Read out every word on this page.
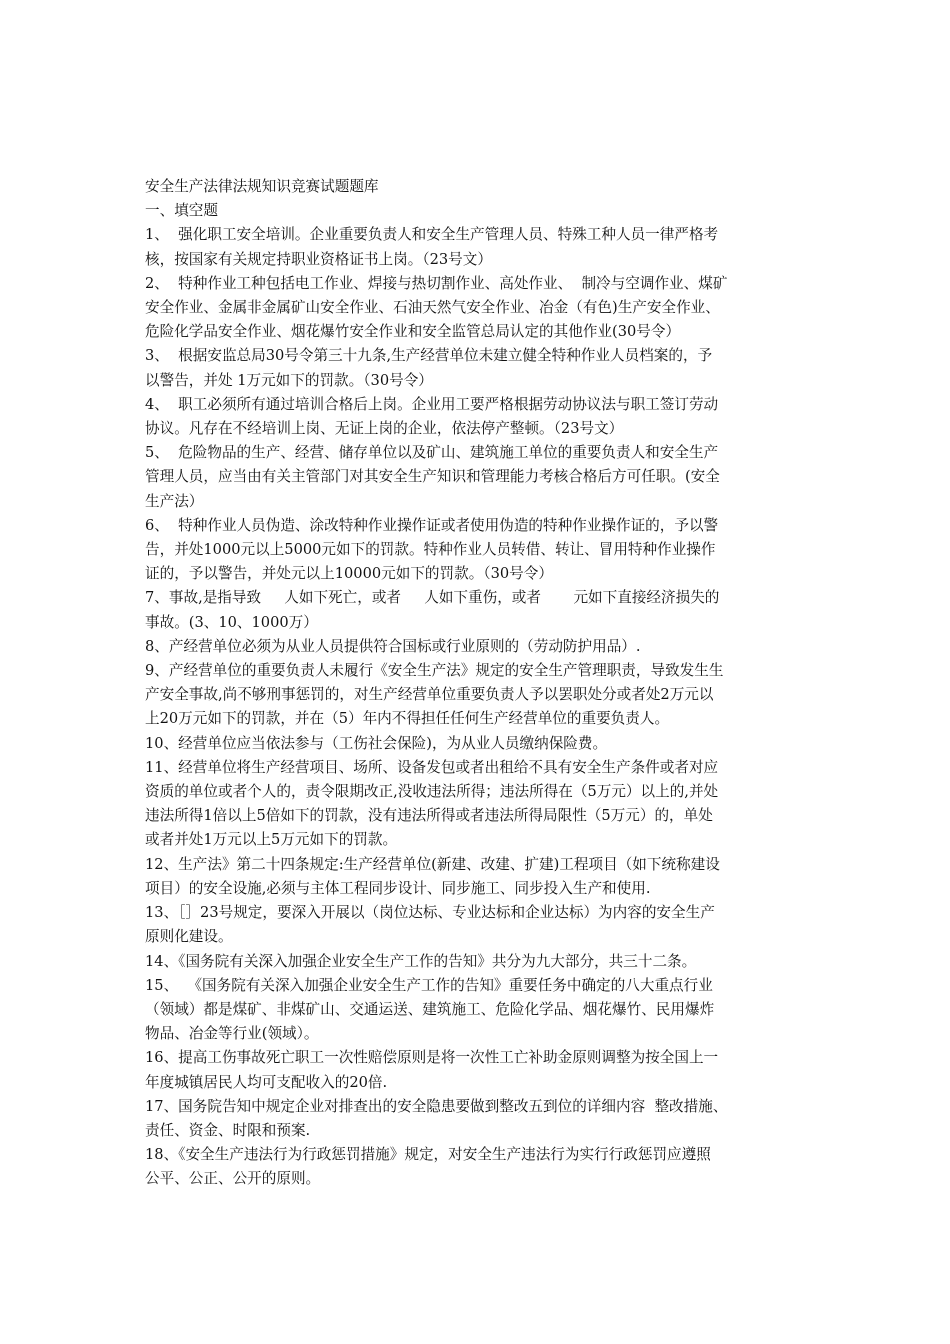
安全生产法律法规知识竞赛试题题库

一、填空题

1、  强化职工安全培训。企业重要负责人和安全生产管理人员、特殊工种人员一律严格考

核，按国家有关规定持职业资格证书上岗。（23号文）

2、  特种作业工种包括电工作业、焊接与热切割作业、高处作业、  制冷与空调作业、煤矿

安全作业、金属非金属矿山安全作业、石油天然气安全作业、冶金（有色)生产安全作业、

危险化学品安全作业、烟花爆竹安全作业和安全监管总局认定的其他作业(30号令）

3、  根据安监总局30号令第三十九条,生产经营单位未建立健全特种作业人员档案的，予

以警告，并处 1万元如下的罚款。（30号令）

4、  职工必须所有通过培训合格后上岗。企业用工要严格根据劳动协议法与职工签订劳动

协议。凡存在不经培训上岗、无证上岗的企业，依法停产整顿。（23号文）

5、  危险物品的生产、经营、储存单位以及矿山、建筑施工单位的重要负责人和安全生产

管理人员，应当由有关主管部门对其安全生产知识和管理能力考核合格后方可任职。(安全

生产法）

6、  特种作业人员伪造、涂改特种作业操作证或者使用伪造的特种作业操作证的，予以警

告，并处1000元以上5000元如下的罚款。特种作业人员转借、转让、冒用特种作业操作

证的，予以警告，并处元以上10000元如下的罚款。（30号令）

7、事故,是指导致     人如下死亡，或者     人如下重伤，或者       元如下直接经济损失的

事故。(3、10、1000万）

8、产经营单位必须为从业人员提供符合国标或行业原则的（劳动防护用品）.

9、产经营单位的重要负责人未履行《安全生产法》规定的安全生产管理职责，导致发生生

产安全事故,尚不够刑事惩罚的，对生产经营单位重要负责人予以罢职处分或者处2万元以

上20万元如下的罚款，并在（5）年内不得担任任何生产经营单位的重要负责人。

10、经营单位应当依法参与（工伤社会保险)，为从业人员缴纳保险费。

11、经营单位将生产经营项目、场所、设备发包或者出租给不具有安全生产条件或者对应

资质的单位或者个人的，责令限期改正,没收违法所得；违法所得在（5万元）以上的,并处

违法所得1倍以上5倍如下的罚款，没有违法所得或者违法所得局限性（5万元）的，单处

或者并处1万元以上5万元如下的罚款。

12、生产法》第二十四条规定:生产经营单位(新建、改建、扩建)工程项目（如下统称建设

项目）的安全设施,必须与主体工程同步设计、同步施工、同步投入生产和使用.

13、［］23号规定，要深入开展以（岗位达标、专业达标和企业达标）为内容的安全生产

原则化建设。

14、《国务院有关深入加强企业安全生产工作的告知》共分为九大部分，共三十二条。

15、  《国务院有关深入加强企业安全生产工作的告知》重要任务中确定的八大重点行业

（领域）都是煤矿、非煤矿山、交通运送、建筑施工、危险化学品、烟花爆竹、民用爆炸

物品、冶金等行业(领域）。

16、提高工伤事故死亡职工一次性赔偿原则是将一次性工亡补助金原则调整为按全国上一

年度城镇居民人均可支配收入的20倍.

17、国务院告知中规定企业对排查出的安全隐患要做到整改五到位的详细内容  整改措施、

责任、资金、时限和预案.

18、《安全生产违法行为行政惩罚措施》规定，对安全生产违法行为实行行政惩罚应遵照

公平、公正、公开的原则。
